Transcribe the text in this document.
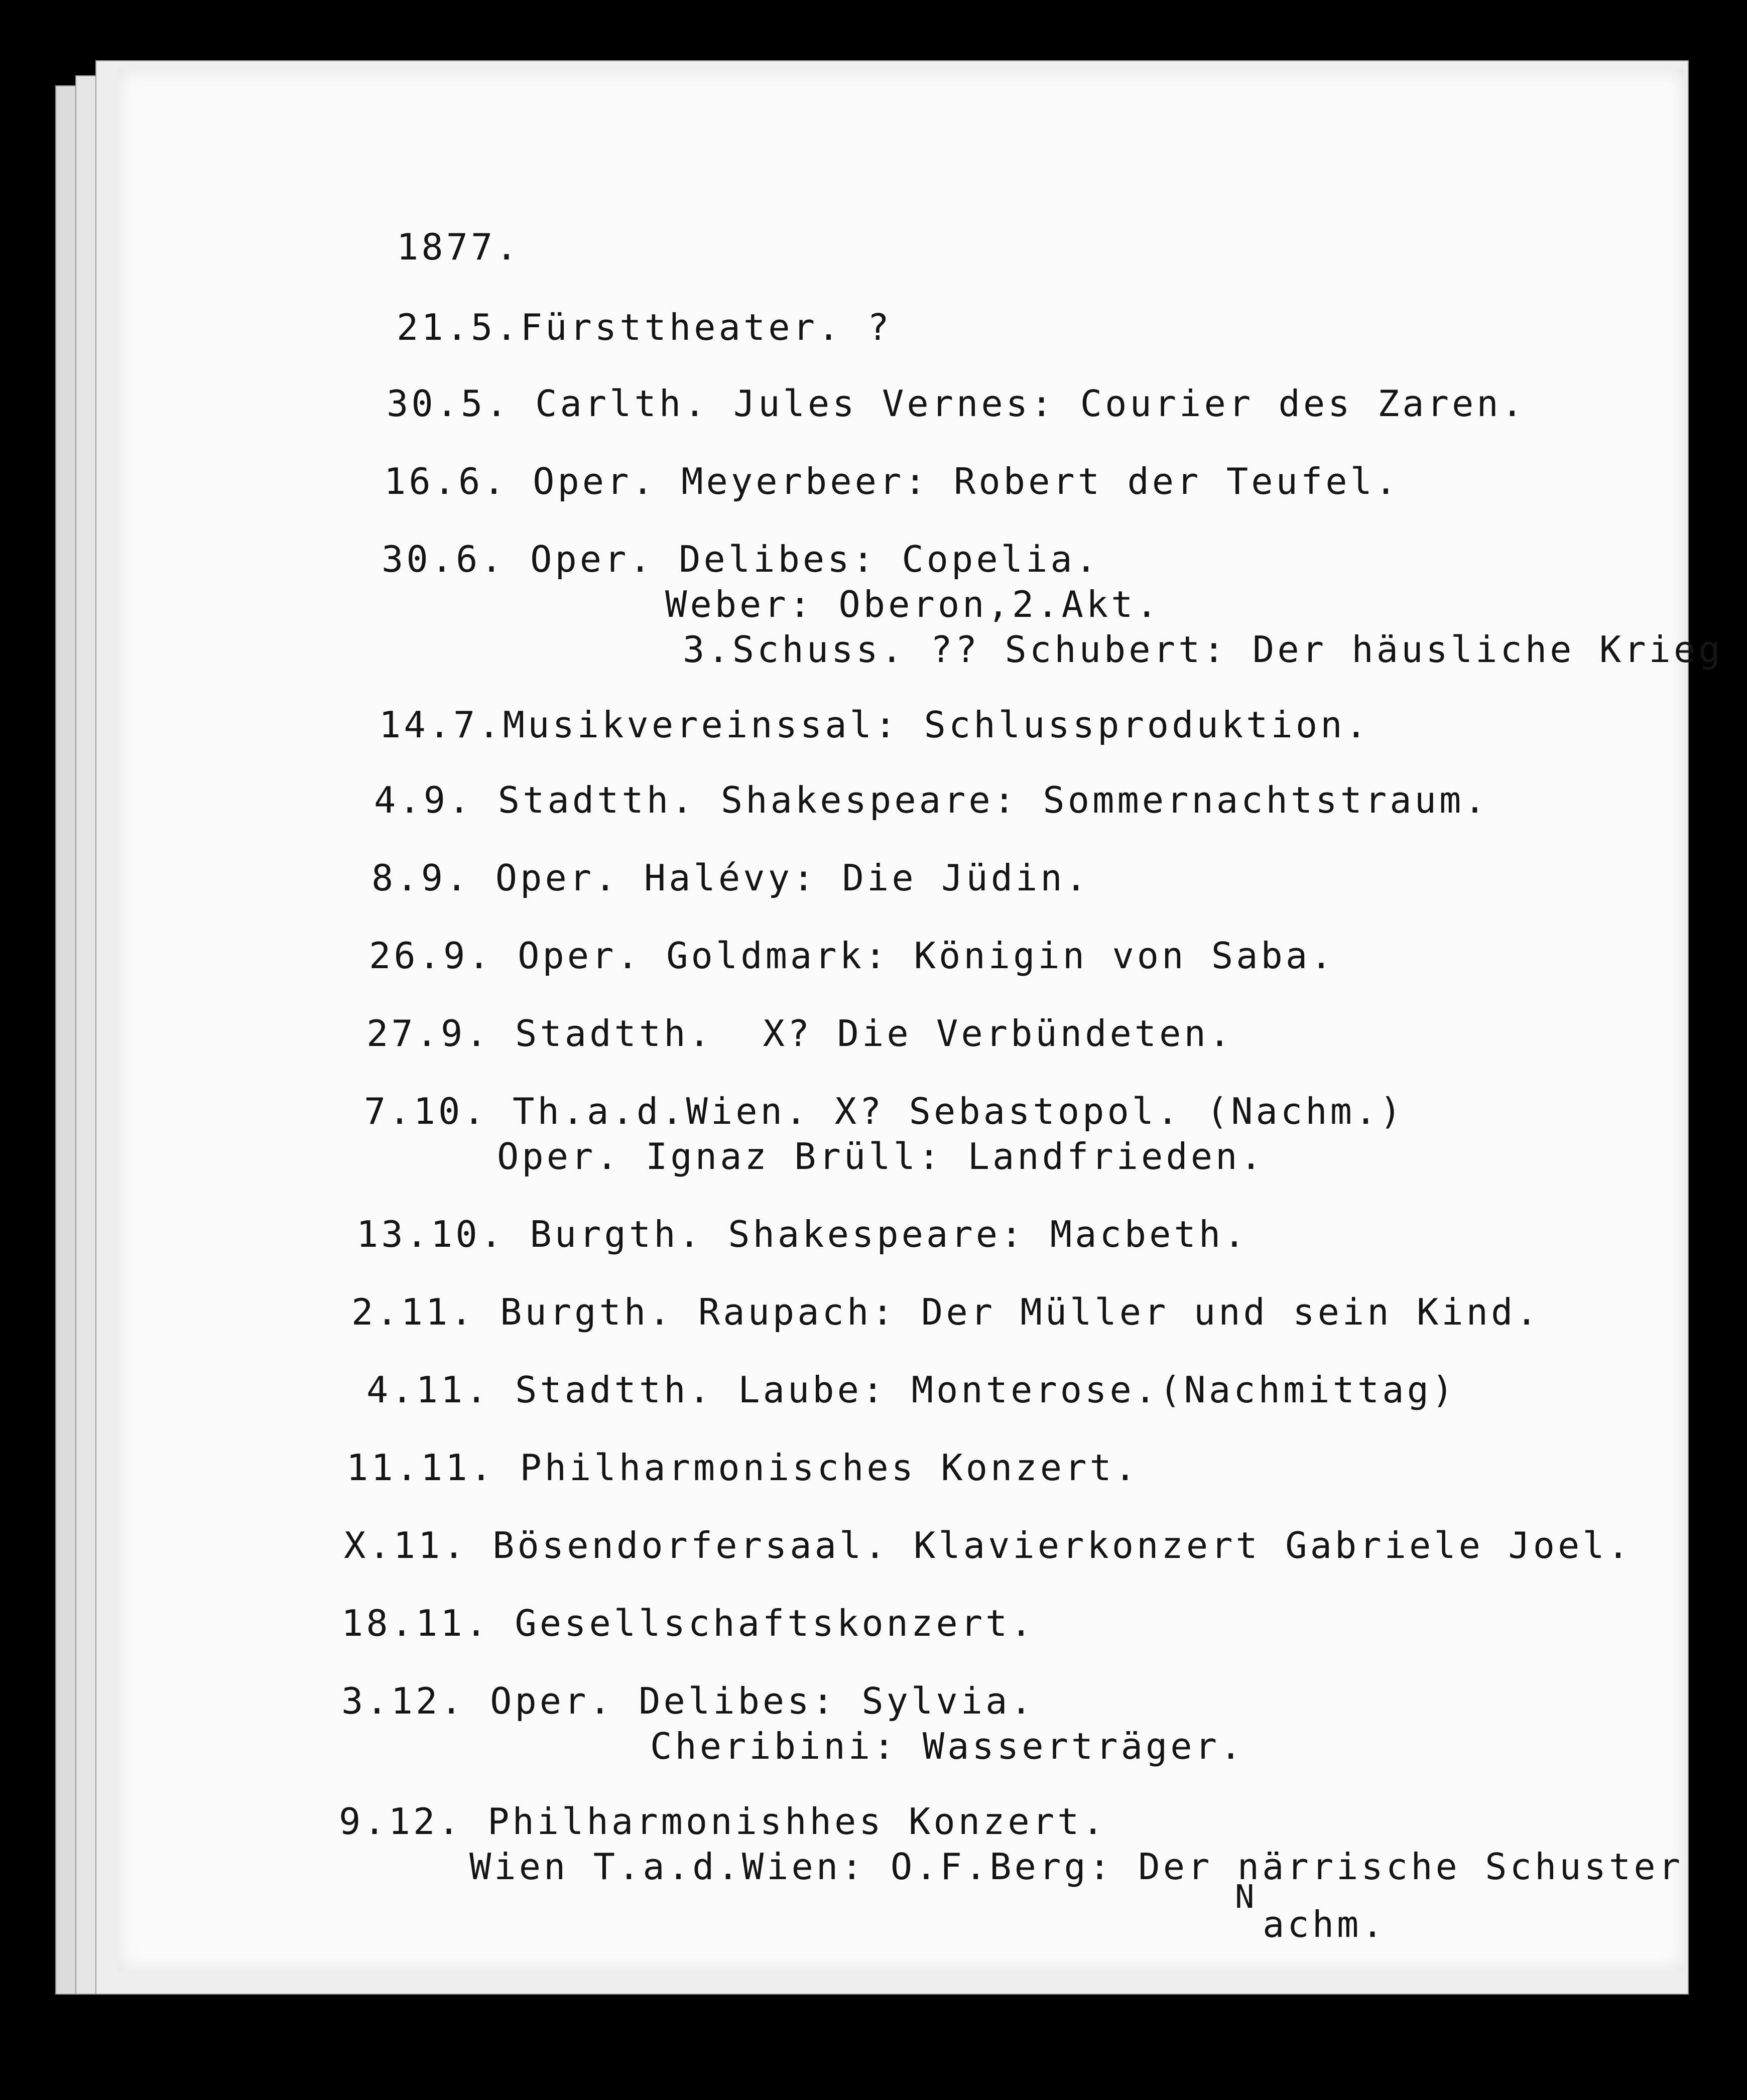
1877.
21.5.Fürsttheater. ?
30.5. Carlth. Jules Vernes: Courier des Zaren.
16.6. Oper. Meyerbeer: Robert der Teufel.
30.6. Oper. Delibes: Copelia.
Weber: Oberon,2.Akt.
3.Schuss. ?? Schubert: Der häusliche Krieg
14.7.Musikvereinssal: Schlussproduktion.
4.9. Stadtth. Shakespeare: Sommernachtstraum.
8.9. Oper. Halévy: Die Jüdin.
26.9. Oper. Goldmark: Königin von Saba.
27.9. Stadtth.  X? Die Verbündeten.
7.10. Th.a.d.Wien. X? Sebastopol. (Nachm.)
Oper. Ignaz Brüll: Landfrieden.
13.10. Burgth. Shakespeare: Macbeth.
2.11. Burgth. Raupach: Der Müller und sein Kind.
4.11. Stadtth. Laube: Monterose.(Nachmittag)
11.11. Philharmonisches Konzert.
X.11. Bösendorfersaal. Klavierkonzert Gabriele Joel.
18.11. Gesellschaftskonzert.
3.12. Oper. Delibes: Sylvia.
Cheribini: Wasserträger.
9.12. Philharmonishhes Konzert.
Wien T.a.d.Wien: O.F.Berg: Der närrische Schuster
N
achm.
